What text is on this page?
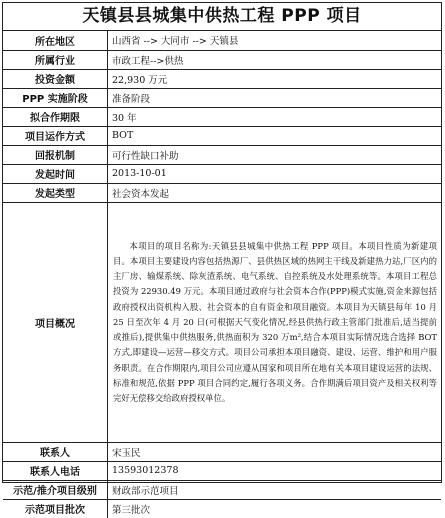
天镇县县城集中供热工程 PPP 项目
所在地区	山西省 --> 大同市 --> 天镇县
所属行业	市政工程-->供热
投资金额	22,930 万元
PPP 实施阶段	准备阶段
拟合作期限	30 年
项目运作方式	BOT
回报机制	可行性缺口补助
发起时间	2013-10-01
发起类型	社会资本发起
项目概况	本项目的项目名称为:天镇县县城集中供热工程 PPP 项目。本项目性质为新建项目。本项目主要建设内容包括热源厂、县供热区域的热网主干线及新建热力站,厂区内的主厂房、输煤系统、除灰渣系统、电气系统、自控系统及水处理系统等。本项目工程总投资为 22930.49 万元。本项目通过政府与社会资本合作(PPP)模式实施,资金来源包括政府授权出资机构入股、社会资本的自有资金和项目融资。本项目为天镇县每年 10 月 25 日至次年 4 月 20 日(可根据天气变化情况,经县供热行政主管部门批准后,适当提前或推后),提供集中供热服务,供热面积为 320 万m²,结合本项目实际情况选合选择 BOT 方式,即建设—运营—移交方式。项目公司承担本项目融资、建设、运营、维护和用户服务职责。在合作期限内,项目公司应遵从国家和项目所在地有关本项目建设运营的法规、标准和规范,依据 PPP 项目合同约定,履行各项义务。合作期满后项目资产及相关权利等完好无偿移交给政府授权单位。
联系人	宋玉民
联系人电话	13593012378
示范/推介项目级别	财政部示范项目
示范项目批次	第三批次
